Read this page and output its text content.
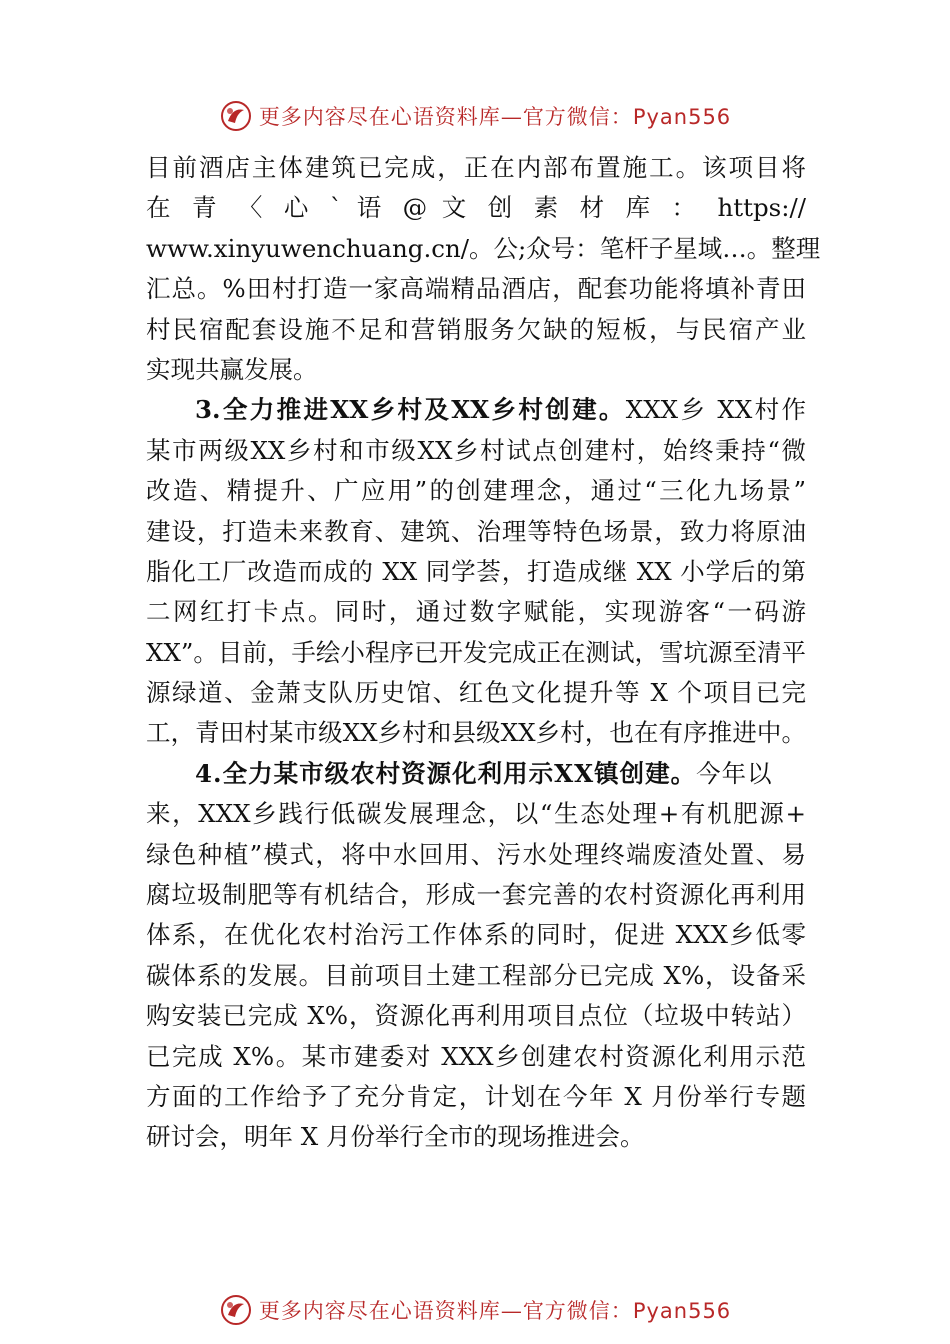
更多内容尽在心语资料库—官方微信：Pyan556
目前酒店主体建筑已完成，正在内部布置施工。该项目将
在 青 〈 心 ` 语 @ 文 创 素 材 库 ： https://
www.xinyuwenchuang.cn/。公;众号：笔杆子星域…。整理
汇总。%田村打造一家高端精品酒店，配套功能将填补青田
村民宿配套设施不足和营销服务欠缺的短板，与民宿产业
实现共赢发展。
3.全力推进XX乡村及XX乡村创建。XXX乡 XX村作
某市两级XX乡村和市级XX乡村试点创建村，始终秉持“微
改造、精提升、广应用”的创建理念，通过“三化九场景”
建设，打造未来教育、建筑、治理等特色场景，致力将原油
脂化工厂改造而成的 XX 同学荟，打造成继 XX 小学后的第
二网红打卡点。同时，通过数字赋能，实现游客“一码游
XX”。目前，手绘小程序已开发完成正在测试，雪坑源至清平
源绿道、金萧支队历史馆、红色文化提升等 X 个项目已完
工，青田村某市级XX乡村和县级XX乡村，也在有序推进中。
4.全力某市级农村资源化利用示XX镇创建。今年以
来，XXX乡践行低碳发展理念，以“生态处理+有机肥源+
绿色种植”模式，将中水回用、污水处理终端废渣处置、易
腐垃圾制肥等有机结合，形成一套完善的农村资源化再利用
体系，在优化农村治污工作体系的同时，促进 XXX乡低零
碳体系的发展。目前项目土建工程部分已完成 X%，设备采
购安装已完成 X%，资源化再利用项目点位（垃圾中转站）
已完成 X%。某市建委对 XXX乡创建农村资源化利用示范
方面的工作给予了充分肯定，计划在今年 X 月份举行专题
研讨会，明年 X 月份举行全市的现场推进会。
更多内容尽在心语资料库—官方微信：Pyan556
